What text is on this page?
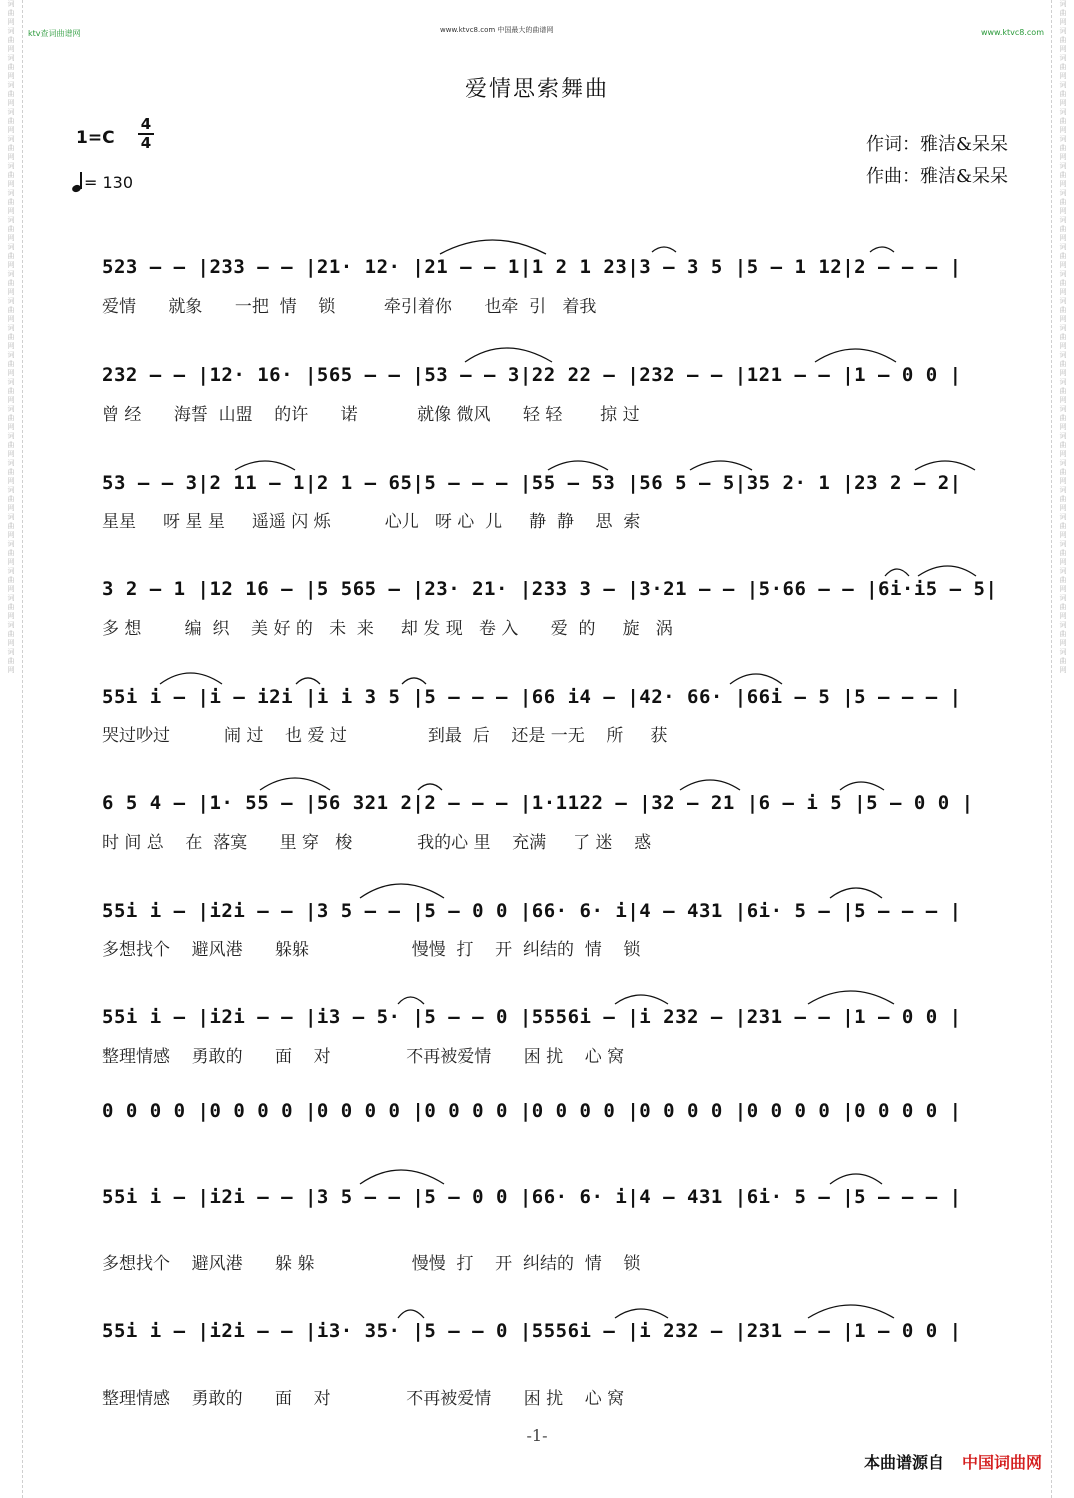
词曲网词曲网词曲网词曲网词曲网词曲网词曲网词曲网词曲网词曲网词曲网词曲网词曲网词曲网词曲网词曲网词曲网词曲网词曲网词曲网词曲网词曲网词曲网词曲网词曲网
词曲网词曲网词曲网词曲网词曲网词曲网词曲网词曲网词曲网词曲网词曲网词曲网词曲网词曲网词曲网词曲网词曲网词曲网词曲网词曲网词曲网词曲网词曲网词曲网词曲网
ktv查词曲谱网	www.ktvc8.com 中国最大的曲谱网	www.ktvc8.com
爱情思索舞曲
1=C
4
4
= 130
作词：雅洁&呆呆
作曲：雅洁&呆呆
523 — — |233 — — |21· 12· |21 — — 1|1 2 1 23|3 — 3 5 |5 — 1 12|2 — — — |
爱情      就象      一把  情    锁         牵引着你      也牵  引   着我
232 — — |12· 16· |565 — — |53 — — 3|22 22 — |232 — — |121 — — |1 — 0 0 |
曾 经      海誓  山盟    的许      诺           就像 微风      轻 轻       掠 过
53 — — 3|2 11 — 1|2 1 — 65|5 — — — |55 — 53 |56 5 — 5|35 2· 1 |23 2 — 2|
星星     呀 星 星     遥遥 闪 烁          心儿   呀 心  儿     静  静    思  索
3 2 — 1 |12 16 — |5 565 — |23· 21· |233 3 — |3·21 — — |5·66 — — |6i·i5 — 5|
多 想        编  织    美 好 的   未  来     却 发 现   卷 入      爱  的     旋   涡
55i i — |i — i2i |i i 3 5 |5 — — — |66 i4 — |42· 66· |66i — 5 |5 — — — |
哭过吵过          闹 过    也 爱 过               到最  后    还是 一无    所     获
6 5 4 — |1· 55 — |56 321 2|2 — — — |1·1122 — |32 — 21 |6 — i 5 |5 — 0 0 |
时 间 总    在  落寞      里 穿   梭            我的心 里    充满     了 迷    惑
55i i — |i2i — — |3 5 — — |5 — 0 0 |66· 6· i|4 — 431 |6i· 5 — |5 — — — |
多想找个    避风港      躲躲                   慢慢  打    开  纠结的  情    锁
55i i — |i2i — — |i3 — 5· |5 — — 0 |5556i — |i 232 — |231 — — |1 — 0 0 |
整理情感    勇敢的      面    对              不再被爱情      困 扰    心 窝
0 0 0 0 |0 0 0 0 |0 0 0 0 |0 0 0 0 |0 0 0 0 |0 0 0 0 |0 0 0 0 |0 0 0 0 |
55i i — |i2i — — |3 5 — — |5 — 0 0 |66· 6· i|4 — 431 |6i· 5 — |5 — — — |
多想找个    避风港      躲 躲                  慢慢  打    开  纠结的  情    锁
55i i — |i2i — — |i3· 35· |5 — — 0 |5556i — |i 232 — |231 — — |1 — 0 0 |
整理情感    勇敢的      面    对              不再被爱情      困 扰    心 窝
-1-
本曲谱源自 中国词曲网
